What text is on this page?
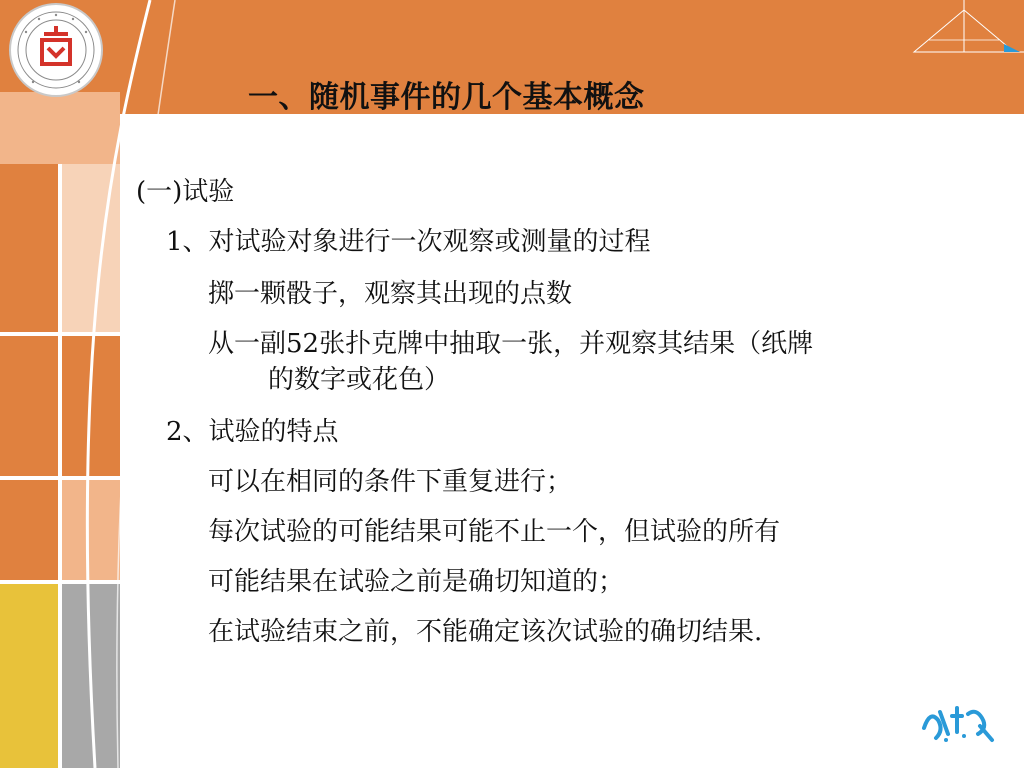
一、随机事件的几个基本概念
(一)试验
1、对试验对象进行一次观察或测量的过程
掷一颗骰子，观察其出现的点数
从一副52张扑克牌中抽取一张，并观察其结果（纸牌
的数字或花色）
2、试验的特点
可以在相同的条件下重复进行；
每次试验的可能结果可能不止一个，但试验的所有
可能结果在试验之前是确切知道的；
在试验结束之前，不能确定该次试验的确切结果.
